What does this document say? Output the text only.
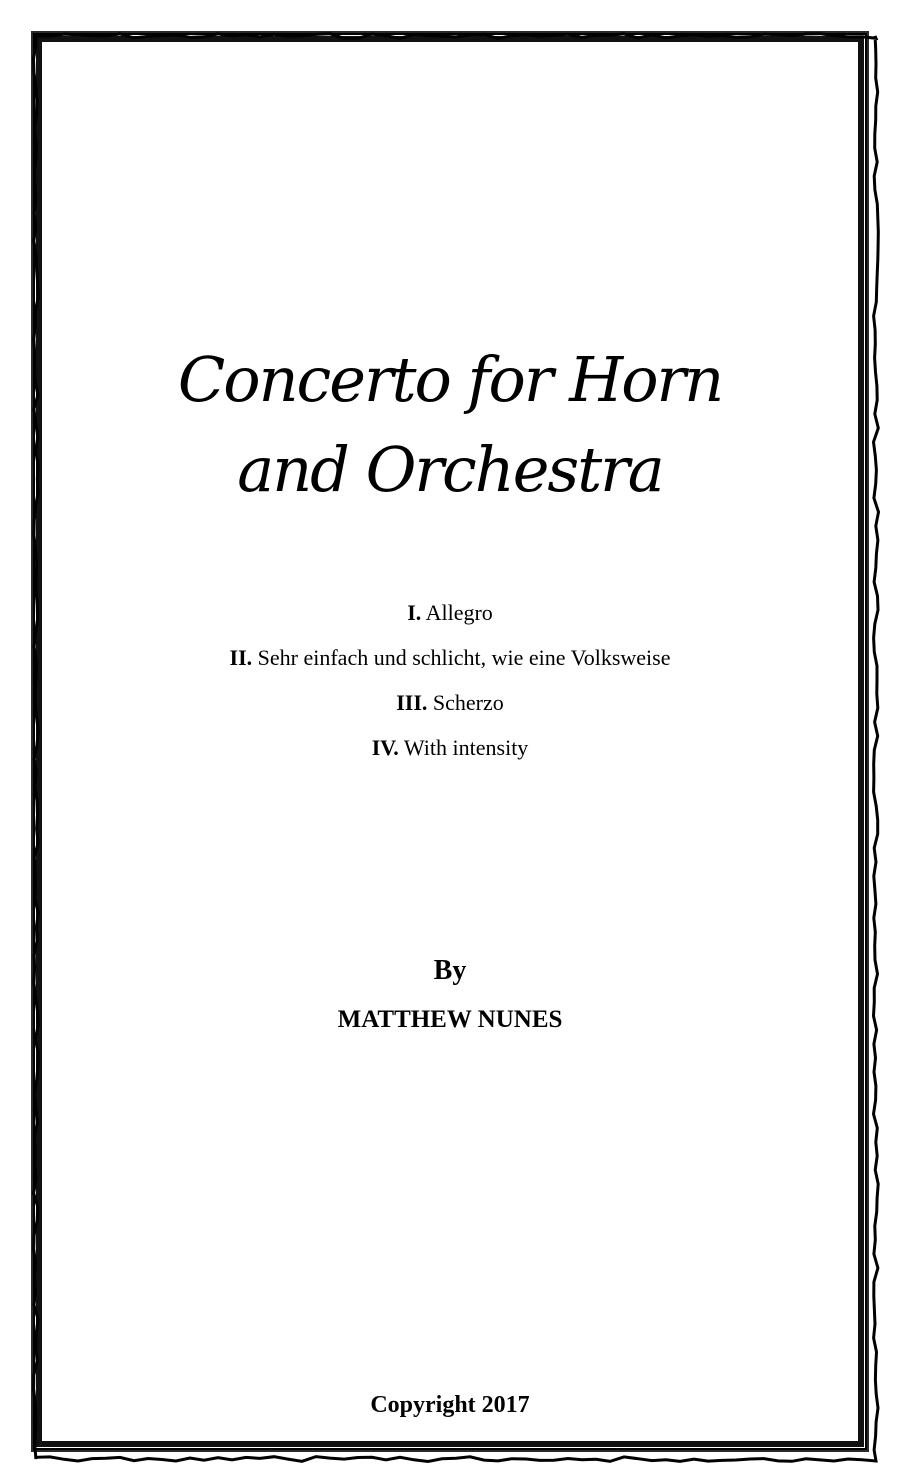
Concerto for Horn
and Orchestra
I. Allegro
II. Sehr einfach und schlicht, wie eine Volksweise
III. Scherzo
IV. With intensity
By
MATTHEW NUNES
Copyright 2017
